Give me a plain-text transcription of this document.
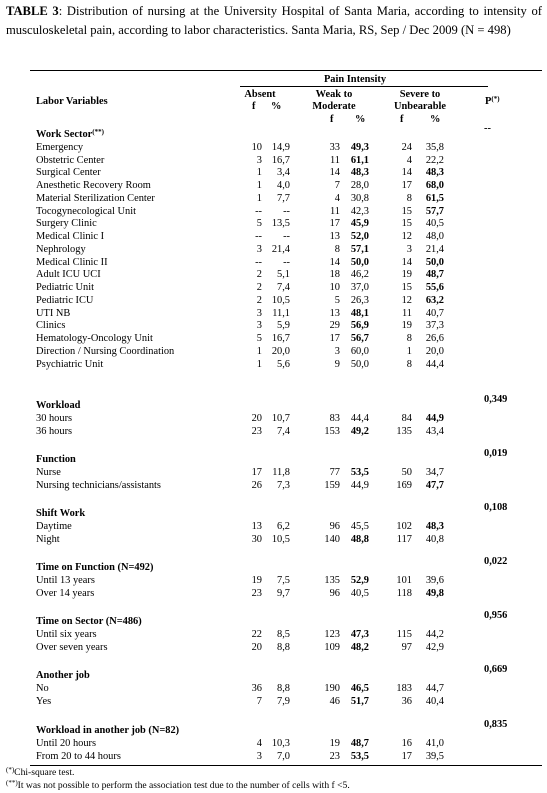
TABLE 3: Distribution of nursing at the University Hospital of Santa Maria, according to intensity of musculoskeletal pain, according to labor characteristics. Santa Maria, RS, Sep / Dec 2009 (N = 498)
Pain Intensity
Labor Variables
Absent	Weak to
Moderate
Severe to
Unbearable	P(*)
f %
f %	f	%
Work Sector(**)	--
Emergency	10 14,9	33	49,3	24	35,8
Obstetric Center	3 16,7	11	61,1	4	22,2
Surgical Center	1	3,4	14	48,3	14	48,3
Anesthetic Recovery Room	1	4,0	7	28,0	17	68,0
Material Sterilization Center	1	7,7	4	30,8	8	61,5
Tocogynecological Unit	--	--	11	42,3	15	57,7
Surgery Clinic	5 13,5	17	45,9	15	40,5
Medical Clinic I	--	--	13	52,0	12	48,0
Nephrology	3 21,4	8	57,1	3	21,4
Medical Clinic II	--	--	14	50,0	14	50,0
Adult ICU UCI	2	5,1	18	46,2	19	48,7
Pediatric Unit	2	7,4	10	37,0	15	55,6
Pediatric ICU	2 10,5	5	26,3	12	63,2
UTI NB	3 11,1	13	48,1	11	40,7
Clinics	3	5,9	29	56,9	19	37,3
Hematology-Oncology Unit	5 16,7	17	56,7	8	26,6
Direction / Nursing Coordination	1 20,0	3	60,0	1	20,0
Psychiatric Unit	1	5,6	9	50,0	8	44,4
Workload
0,349
30 hours	20 10,7	83	44,4	84	44,9
36 hours	23	7,4	153	49,2	135	43,4
Function
0,019
Nurse	17 11,8	77	53,5	50	34,7
Nursing technicians/assistants	26	7,3	159	44,9	169	47,7
Shift Work
0,108
Daytime	13	6,2	96	45,5	102	48,3
Night	30 10,5	140	48,8	117	40,8
Time on Function (N=492)
0,022
Until 13 years	19	7,5	135	52,9	101	39,6
Over 14 years	23	9,7	96	40,5	118	49,8
Time on Sector (N=486)
0,956
Until six years	22	8,5	123	47,3	115	44,2
Over seven years	20	8,8	109	48,2	97	42,9
Another job
0,669
No	36	8,8	190	46,5	183	44,7
Yes	7	7,9	46	51,7	36	40,4
Workload in another job (N=82)
0,835
Until 20 hours	4 10,3	19	48,7	16	41,0
From 20 to 44 hours	3	7,0	23	53,5	17	39,5
(*)Chi-square test.
(**)It was not possible to perform the association test due to the number of cells with f <5.
